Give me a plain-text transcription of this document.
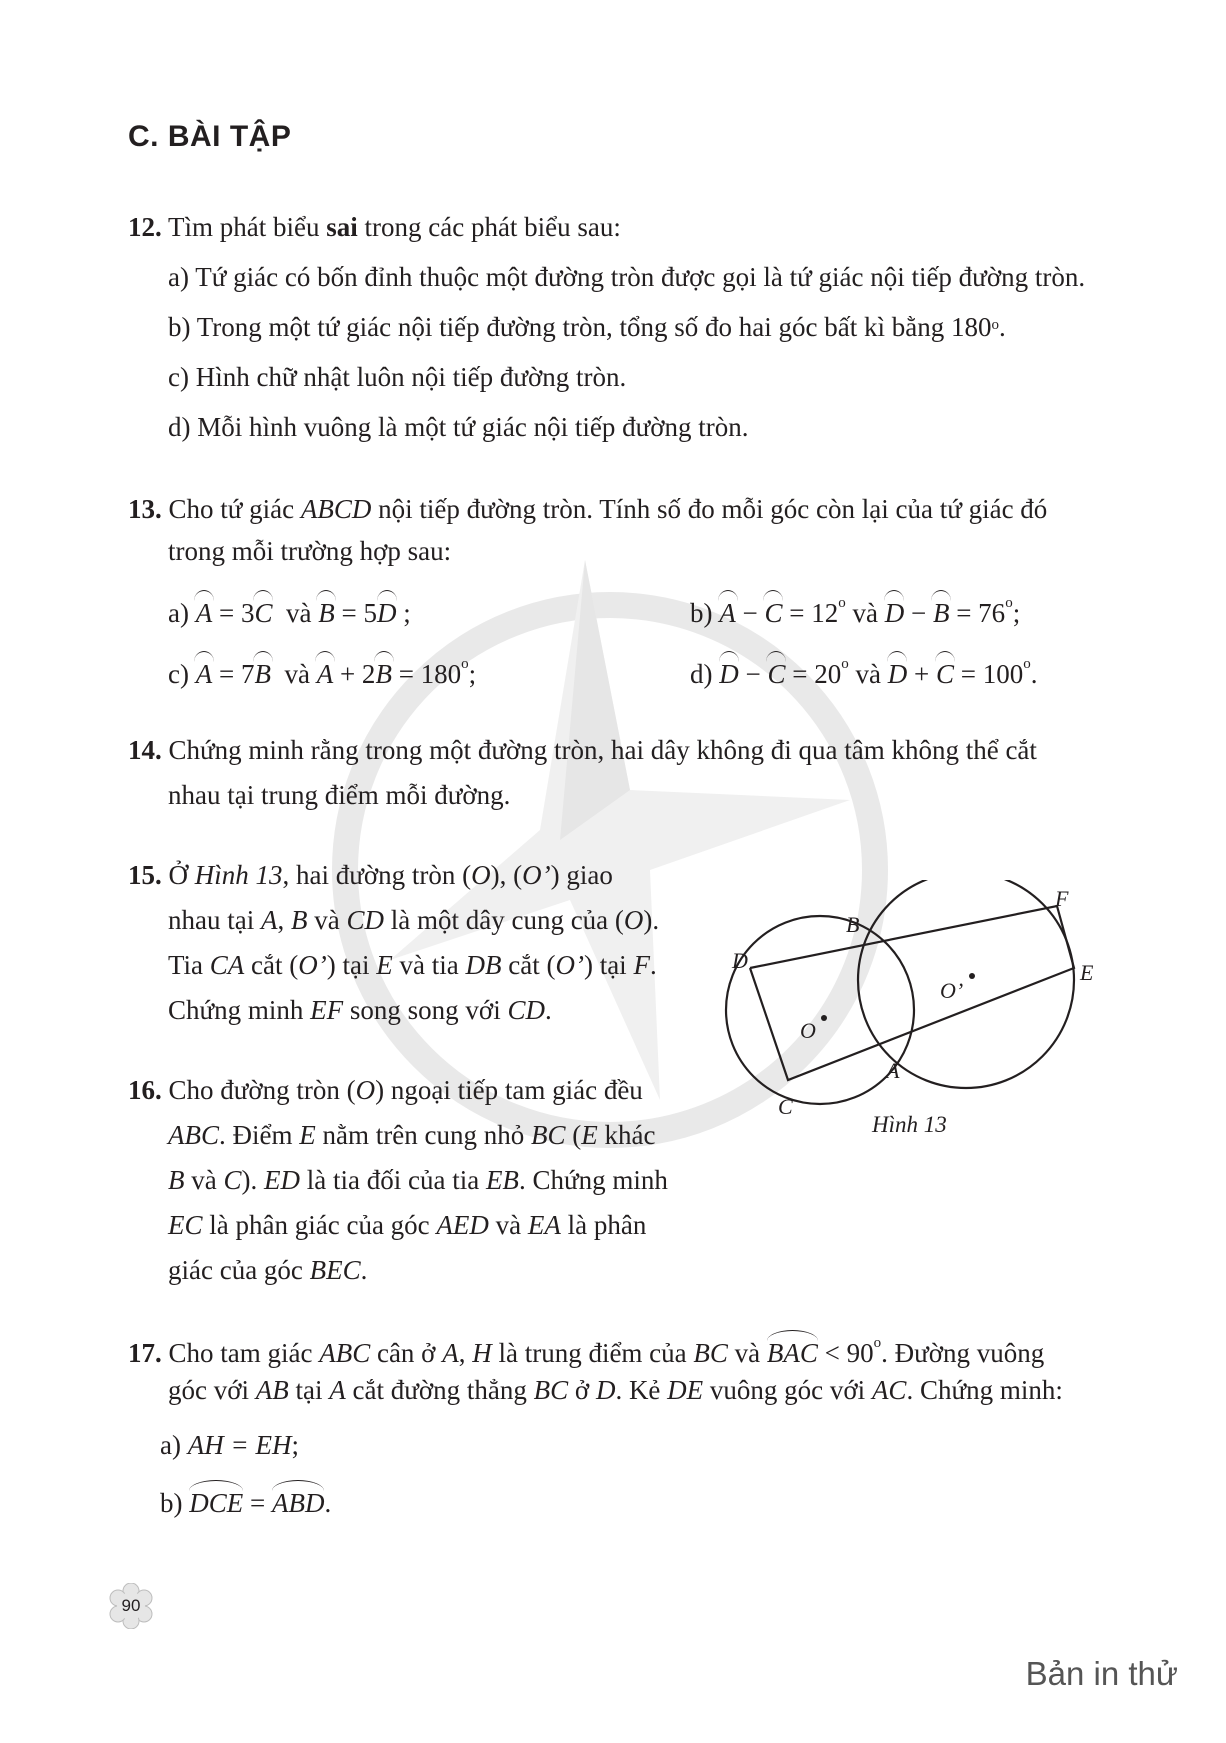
C. BÀI TẬP
12. Tìm phát biểu sai trong các phát biểu sau:
a) Tứ giác có bốn đỉnh thuộc một đường tròn được gọi là tứ giác nội tiếp đường tròn.
b) Trong một tứ giác nội tiếp đường tròn, tổng số đo hai góc bất kì bằng 180$^o$.
c) Hình chữ nhật luôn nội tiếp đường tròn.
d) Mỗi hình vuông là một tứ giác nội tiếp đường tròn.
13. Cho tứ giác ABCD nội tiếp đường tròn. Tính số đo mỗi góc còn lại của tứ giác đó
trong mỗi trường hợp sau:
a) A = 3C và B = 5D ;	b) $A - C = 12^o$ và $D - B = 76^o$;
c) A = 7B và $A + 2B = 180^o$;	d) $D - C = 20^o$ và $D + C = 100^o$.
14. Chứng minh rằng trong một đường tròn, hai dây không đi qua tâm không thể cắt
nhau tại trung điểm mỗi đường.
15. Ở Hình 13, hai đường tròn (O), (O’) giao
nhau tại A, B và CD là một dây cung của (O).
Tia CA cắt (O’) tại E và tia DB cắt (O’) tại F.
Chứng minh EF song song với CD.
16. Cho đường tròn (O) ngoại tiếp tam giác đều
ABC. Điểm E nằm trên cung nhỏ BC (E khác
B và C). ED là tia đối của tia EB. Chứng minh
EC là phân giác của góc AED và EA là phân
giác của góc BEC.
D
B
F
E
O’
O
A
C
Hình 13
17. Cho tam giác ABC cân ở A, H là trung điểm của BC và BAC < $90^o$. Đường vuông
góc với AB tại A cắt đường thẳng BC ở D. Kẻ DE vuông góc với AC. Chứng minh:
a) AH = EH;
b) DCE = ABD.
90
Bản in thử
